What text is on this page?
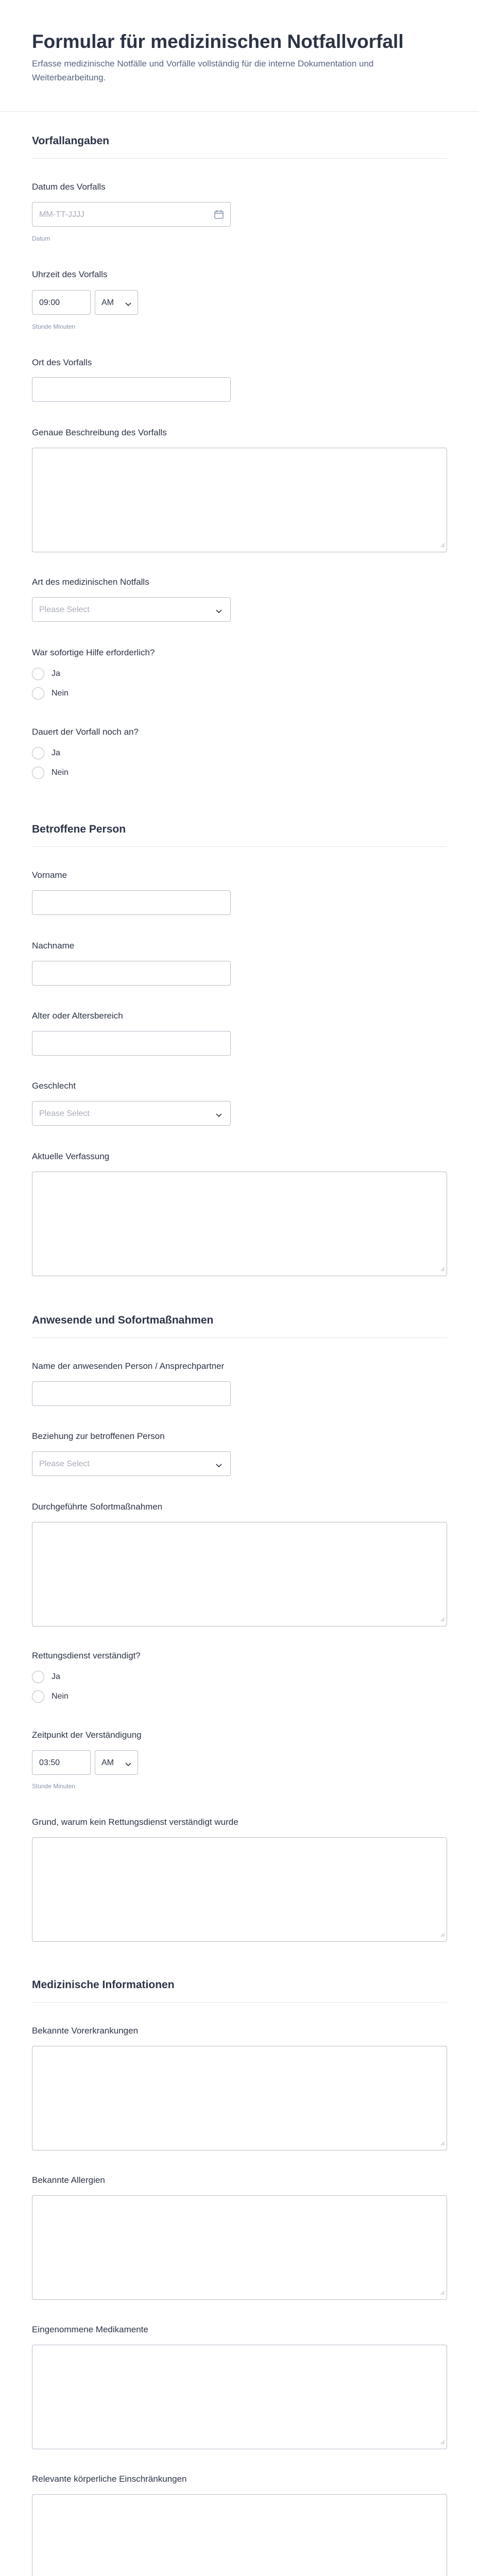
Formular für medizinischen Notfallvorfall
Erfasse medizinische Notfälle und Vorfälle vollständig für die interne Dokumentation und Weiterbearbeitung.
Vorfallangaben
Datum des Vorfalls
MM-TT-JJJJ
Datum
Uhrzeit des Vorfalls
09:00	AM
Stunde Minuten
Ort des Vorfalls
Genaue Beschreibung des Vorfalls
Art des medizinischen Notfalls
Please Select
War sofortige Hilfe erforderlich?
Ja
Nein
Dauert der Vorfall noch an?
Ja
Nein
Betroffene Person
Vorname
Nachname
Alter oder Altersbereich
Geschlecht
Please Select
Aktuelle Verfassung
Anwesende und Sofortmaßnahmen
Name der anwesenden Person / Ansprechpartner
Beziehung zur betroffenen Person
Please Select
Durchgeführte Sofortmaßnahmen
Rettungsdienst verständigt?
Ja
Nein
Zeitpunkt der Verständigung
03:50	AM
Stunde Minuten
Grund, warum kein Rettungsdienst verständigt wurde
Medizinische Informationen
Bekannte Vorerkrankungen
Bekannte Allergien
Eingenommene Medikamente
Relevante körperliche Einschränkungen
